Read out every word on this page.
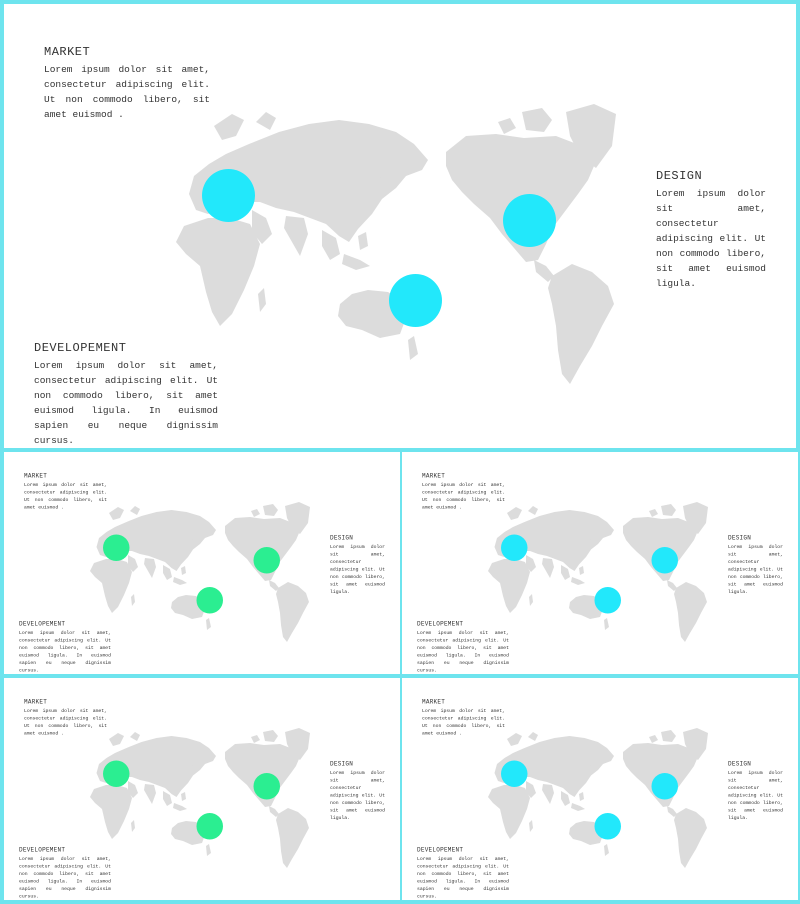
MARKET

Lorem ipsum dolor sit amet, consectetur adipiscing elit. Ut non commodo libero, sit amet euismod .

DESIGN

Lorem ipsum dolor sit amet, consectetur adipiscing elit. Ut non commodo libero, sit amet euismod ligula.

DEVELOPEMENT

Lorem ipsum dolor sit amet, consectetur adipiscing elit. Ut non commodo libero, sit amet euismod ligula. In euismod sapien eu neque dignissim cursus.

MARKET

Lorem ipsum dolor sit amet, consectetur adipiscing elit. Ut non commodo libero, sit amet euismod .

DESIGN

Lorem ipsum dolor sit amet, consectetur adipiscing elit. Ut non commodo libero, sit amet euismod ligula.

DEVELOPEMENT

Lorem ipsum dolor sit amet, consectetur adipiscing elit. Ut non commodo libero, sit amet euismod ligula. In euismod sapien eu neque dignissim cursus.

MARKET

Lorem ipsum dolor sit amet, consectetur adipiscing elit. Ut non commodo libero, sit amet euismod .

DESIGN

Lorem ipsum dolor sit amet, consectetur adipiscing elit. Ut non commodo libero, sit amet euismod ligula.

DEVELOPEMENT

Lorem ipsum dolor sit amet, consectetur adipiscing elit. Ut non commodo libero, sit amet euismod ligula. In euismod sapien eu neque dignissim cursus.

MARKET

Lorem ipsum dolor sit amet, consectetur adipiscing elit. Ut non commodo libero, sit amet euismod .

DESIGN

Lorem ipsum dolor sit amet, consectetur adipiscing elit. Ut non commodo libero, sit amet euismod ligula.

DEVELOPEMENT

Lorem ipsum dolor sit amet, consectetur adipiscing elit. Ut non commodo libero, sit amet euismod ligula. In euismod sapien eu neque dignissim cursus.

MARKET

Lorem ipsum dolor sit amet, consectetur adipiscing elit. Ut non commodo libero, sit amet euismod .

DESIGN

Lorem ipsum dolor sit amet, consectetur adipiscing elit. Ut non commodo libero, sit amet euismod ligula.

DEVELOPEMENT

Lorem ipsum dolor sit amet, consectetur adipiscing elit. Ut non commodo libero, sit amet euismod ligula. In euismod sapien eu neque dignissim cursus.
